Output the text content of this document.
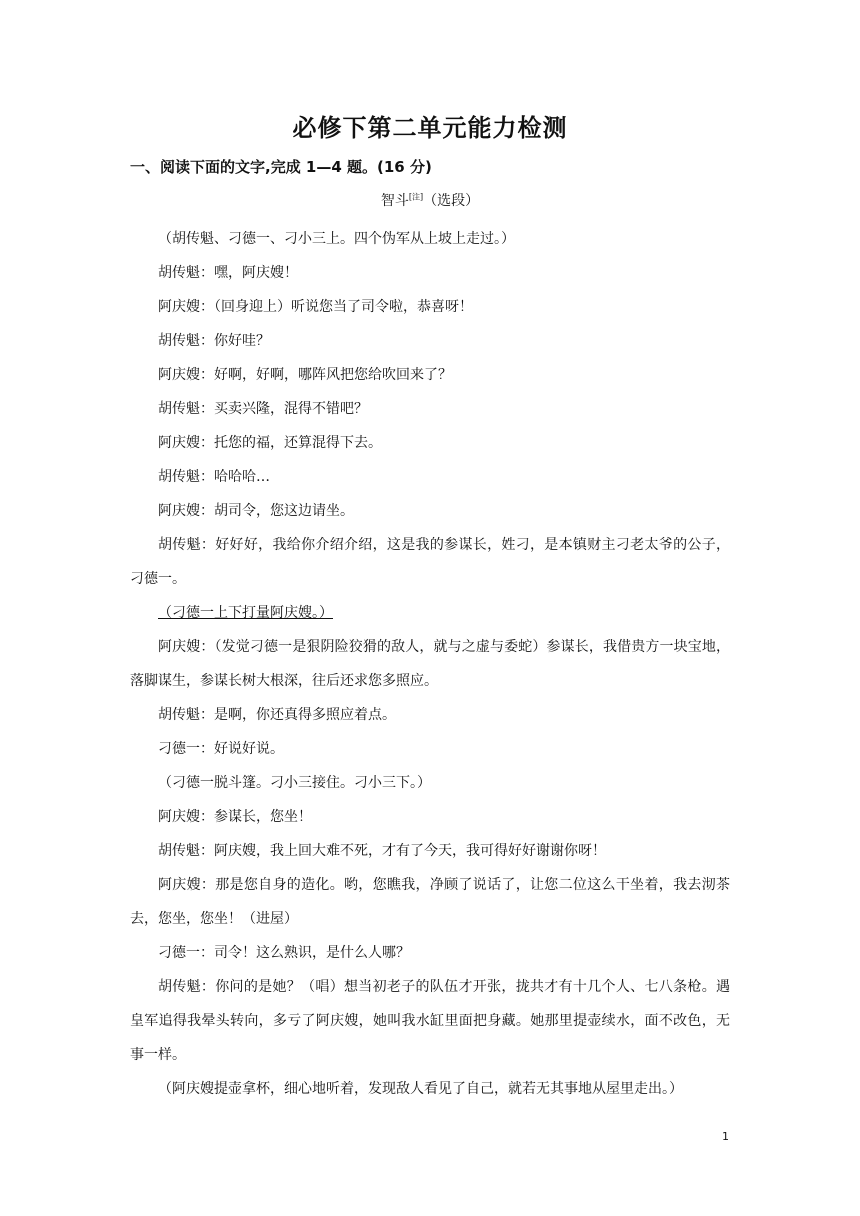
必修下第二单元能力检测
一、阅读下面的文字,完成 1—4 题。(16 分)
智斗[注]（选段）

（胡传魁、刁德一、刁小三上。四个伪军从上坡上走过。）

胡传魁：嘿，阿庆嫂！

阿庆嫂：（回身迎上）听说您当了司令啦，恭喜呀！

胡传魁：你好哇？

阿庆嫂：好啊，好啊，哪阵风把您给吹回来了？

胡传魁：买卖兴隆，混得不错吧？

阿庆嫂：托您的福，还算混得下去。

胡传魁：哈哈哈…

阿庆嫂：胡司令，您这边请坐。

胡传魁：好好好，我给你介绍介绍，这是我的参谋长，姓刁，是本镇财主刁老太爷的公子，刁德一。

（刁德一上下打量阿庆嫂。）

阿庆嫂：（发觉刁德一是狠阴险狡猾的敌人，就与之虚与委蛇）参谋长，我借贵方一块宝地，落脚谋生，参谋长树大根深，往后还求您多照应。

胡传魁：是啊，你还真得多照应着点。

刁德一：好说好说。

（刁德一脱斗篷。刁小三接住。刁小三下。）

阿庆嫂：参谋长，您坐！

胡传魁：阿庆嫂，我上回大难不死，才有了今天，我可得好好谢谢你呀！

阿庆嫂：那是您自身的造化。哟，您瞧我，净顾了说话了，让您二位这么干坐着，我去沏茶去，您坐，您坐！（进屋）

刁德一：司令！这么熟识，是什么人哪？

胡传魁：你问的是她？（唱）想当初老子的队伍才开张，拢共才有十几个人、七八条枪。遇皇军追得我晕头转向，多亏了阿庆嫂，她叫我水缸里面把身藏。她那里提壶续水，面不改色，无事一样。

（阿庆嫂提壶拿杯，细心地听着，发现敌人看见了自己，就若无其事地从屋里走出。）

1
